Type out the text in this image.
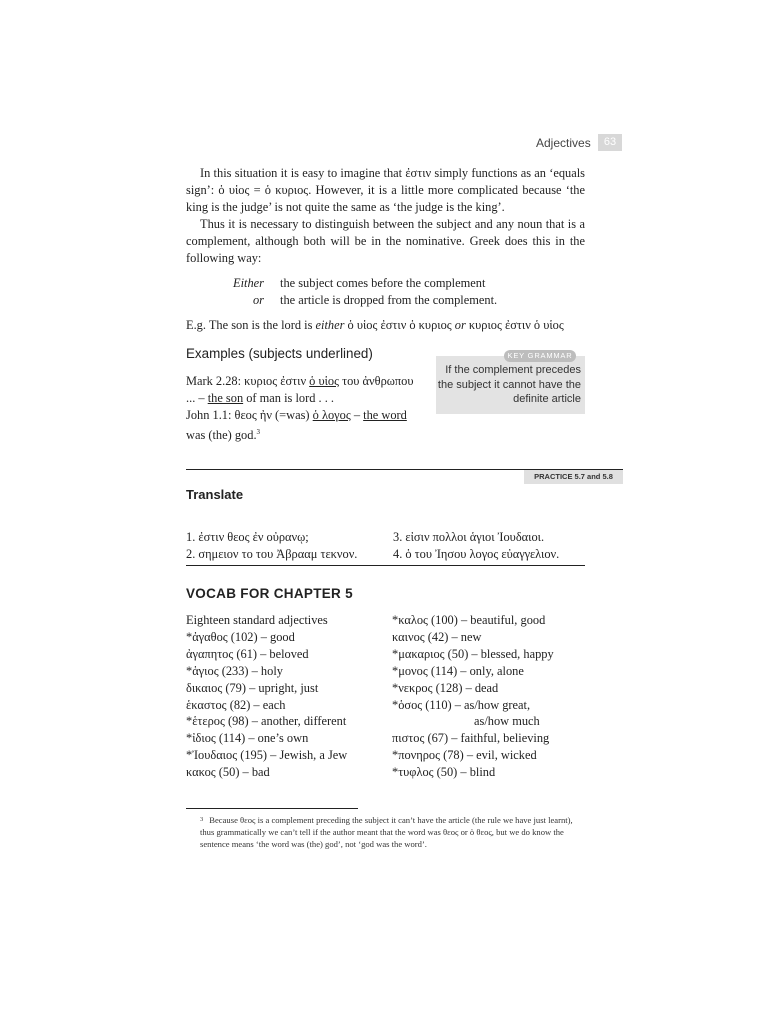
Adjectives	63
In this situation it is easy to imagine that ἐστιν simply functions as an ‘equals sign’: ὁ υἱος = ὁ κυριος. However, it is a little more complicated because ‘the king is the judge’ is not quite the same as ‘the judge is the king’.
Thus it is necessary to distinguish between the subject and any noun that is a complement, although both will be in the nominative. Greek does this in the following way:
Either the subject comes before the complement
or the article is dropped from the complement.
E.g. The son is the lord is either ὁ υἱος ἐστιν ὁ κυριος or κυριος ἐστιν ὁ υἱος
Examples (subjects underlined)
Mark 2.28: κυριος ἐστιν ὁ υἱος του ἀνθρωπου
... – the son of man is lord . . .
John 1.1: θεος ἠν (=was) ὁ λογος – the word
was (the) god.$^3$
KEY GRAMMAR
If the complement precedes the subject it cannot have the definite article
PRACTICE 5.7 and 5.8
Translate
1. ἐστιν θεος ἐν οὐρανῳ;
2. σημειον το του Ἀβρααμ τεκνον.
3. εἰσιν πολλοι ἁγιοι Ἰουδαιοι.
4. ὁ του Ἰησου λογος εὐαγγελιον.
VOCAB FOR CHAPTER 5
Eighteen standard adjectives
*ἀγαθος (102) – good
ἀγαπητος (61) – beloved
*ἁγιος (233) – holy
δικαιος (79) – upright, just
ἑκαστος (82) – each
*ἑτερος (98) – another, different
*ἰδιος (114) – one’s own
*Ἰουδαιος (195) – Jewish, a Jew
κακος (50) – bad
*καλος (100) – beautiful, good
καινος (42) – new
*μακαριος (50) – blessed, happy
*μονος (114) – only, alone
*νεκρος (128) – dead
*ὁσος (110) – as/how great,
as/how much
πιστος (67) – faithful, believing
*πονηρος (78) – evil, wicked
*τυφλος (50) – blind
$^3$ Because θεος is a complement preceding the subject it can’t have the article (the rule we have just learnt), thus grammatically we can’t tell if the author meant that the word was θεος or ὁ θεος, but we do know the sentence means ‘the word was (the) god’, not ‘god was the word’.
